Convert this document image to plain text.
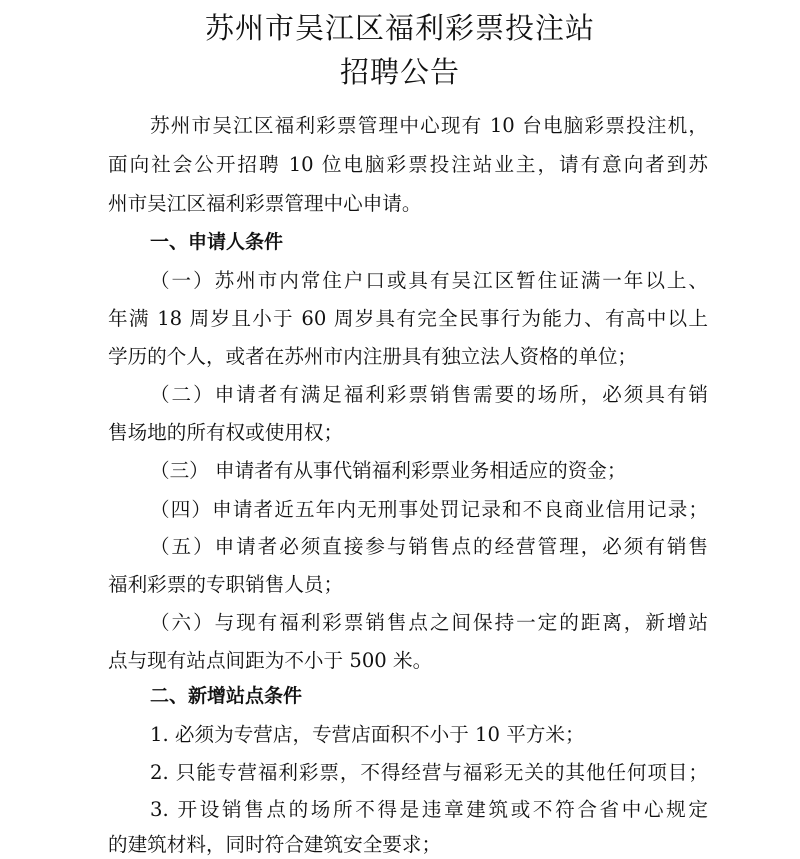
苏州市吴江区福利彩票投注站
招聘公告
苏州市吴江区福利彩票管理中心现有 10 台电脑彩票投注机，
面向社会公开招聘 10 位电脑彩票投注站业主，请有意向者到苏
州市吴江区福利彩票管理中心申请。
一、申请人条件
（一）苏州市内常住户口或具有吴江区暂住证满一年以上、
年满 18 周岁且小于 60 周岁具有完全民事行为能力、有高中以上
学历的个人，或者在苏州市内注册具有独立法人资格的单位；
（二）申请者有满足福利彩票销售需要的场所，必须具有销
售场地的所有权或使用权；
（三） 申请者有从事代销福利彩票业务相适应的资金；
（四）申请者近五年内无刑事处罚记录和不良商业信用记录；
（五）申请者必须直接参与销售点的经营管理，必须有销售
福利彩票的专职销售人员；
（六）与现有福利彩票销售点之间保持一定的距离，新增站
点与现有站点间距为不小于 500 米。
二、新增站点条件
1. 必须为专营店，专营店面积不小于 10 平方米；
2. 只能专营福利彩票，不得经营与福彩无关的其他任何项目；
3. 开设销售点的场所不得是违章建筑或不符合省中心规定
的建筑材料，同时符合建筑安全要求；
